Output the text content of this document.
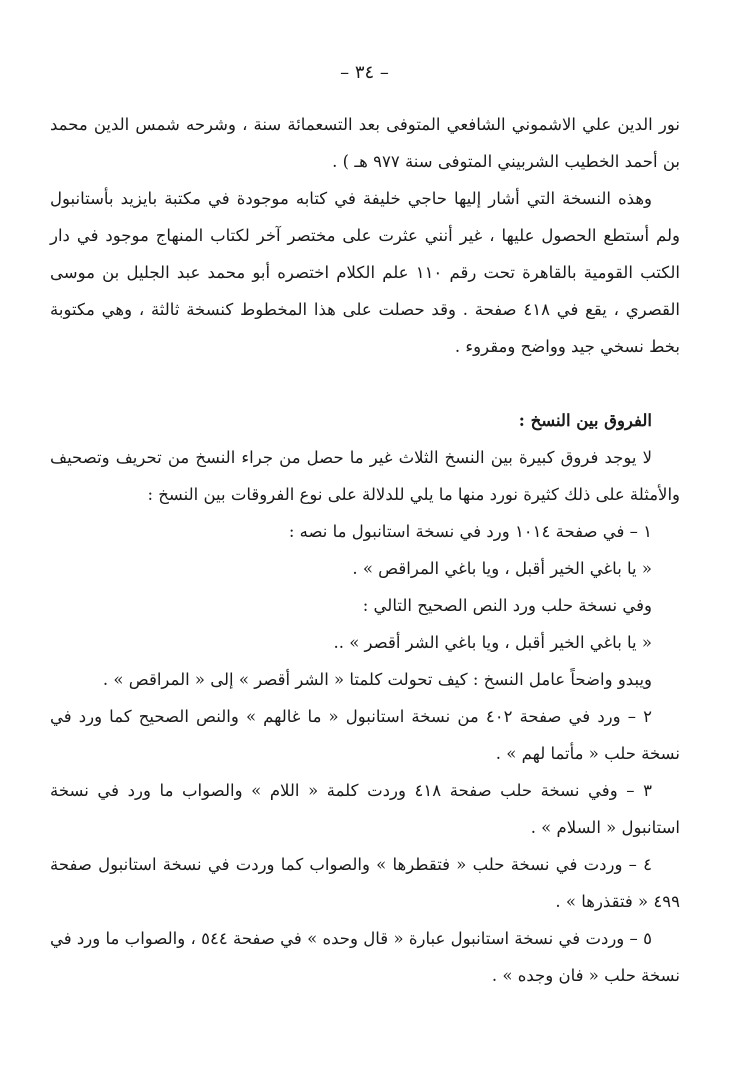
– ٣٤ –

نور الدين علي الاشموني الشافعي المتوفى بعد التسعمائة سنة ، وشرحه شمس الدين محمد بن أحمد الخطيب الشربيني المتوفى سنة ٩٧٧ هـ ) .

وهذه النسخة التي أشار إليها حاجي خليفة في كتابه موجودة في مكتبة بايزيد بأستانبول ولم أستطع الحصول عليها ، غير أنني عثرت على مختصر آخر لكتاب المنهاج موجود في دار الكتب القومية بالقاهرة تحت رقم ١١٠ علم الكلام اختصره أبو محمد عبد الجليل بن موسى القصري ، يقع في ٤١٨ صفحة . وقد حصلت على هذا المخطوط كنسخة ثالثة ، وهي مكتوبة بخط نسخي جيد وواضح ومقروء .

الفروق بين النسخ :

لا يوجد فروق كبيرة بين النسخ الثلاث غير ما حصل من جراء النسخ من تحريف وتصحيف والأمثلة على ذلك كثيرة نورد منها ما يلي للدلالة على نوع الفروقات بين النسخ :

١ – في صفحة ١٠١٤ ورد في نسخة استانبول ما نصه :

« يا باغي الخير أقبل ، ويا باغي المراقص » .

وفي نسخة حلب ورد النص الصحيح التالي :

« يا باغي الخير أقبل ، ويا باغي الشر أقصر » ..

ويبدو واضحاً عامل النسخ : كيف تحولت كلمتا « الشر أقصر » إلى « المراقص » .

٢ – ورد في صفحة ٤٠٢ من نسخة استانبول « ما غالهم » والنص الصحيح كما ورد في نسخة حلب « مأتما لهم » .

٣ – وفي نسخة حلب صفحة ٤١٨ وردت كلمة « اللام » والصواب ما ورد في نسخة استانبول « السلام » .

٤ – وردت في نسخة حلب « فتقطرها » والصواب كما وردت في نسخة استانبول صفحة ٤٩٩ « فتقذرها » .

٥ – وردت في نسخة استانبول عبارة « قال وحده » في صفحة ٥٤٤ ، والصواب ما ورد في نسخة حلب « فان وجده » .
